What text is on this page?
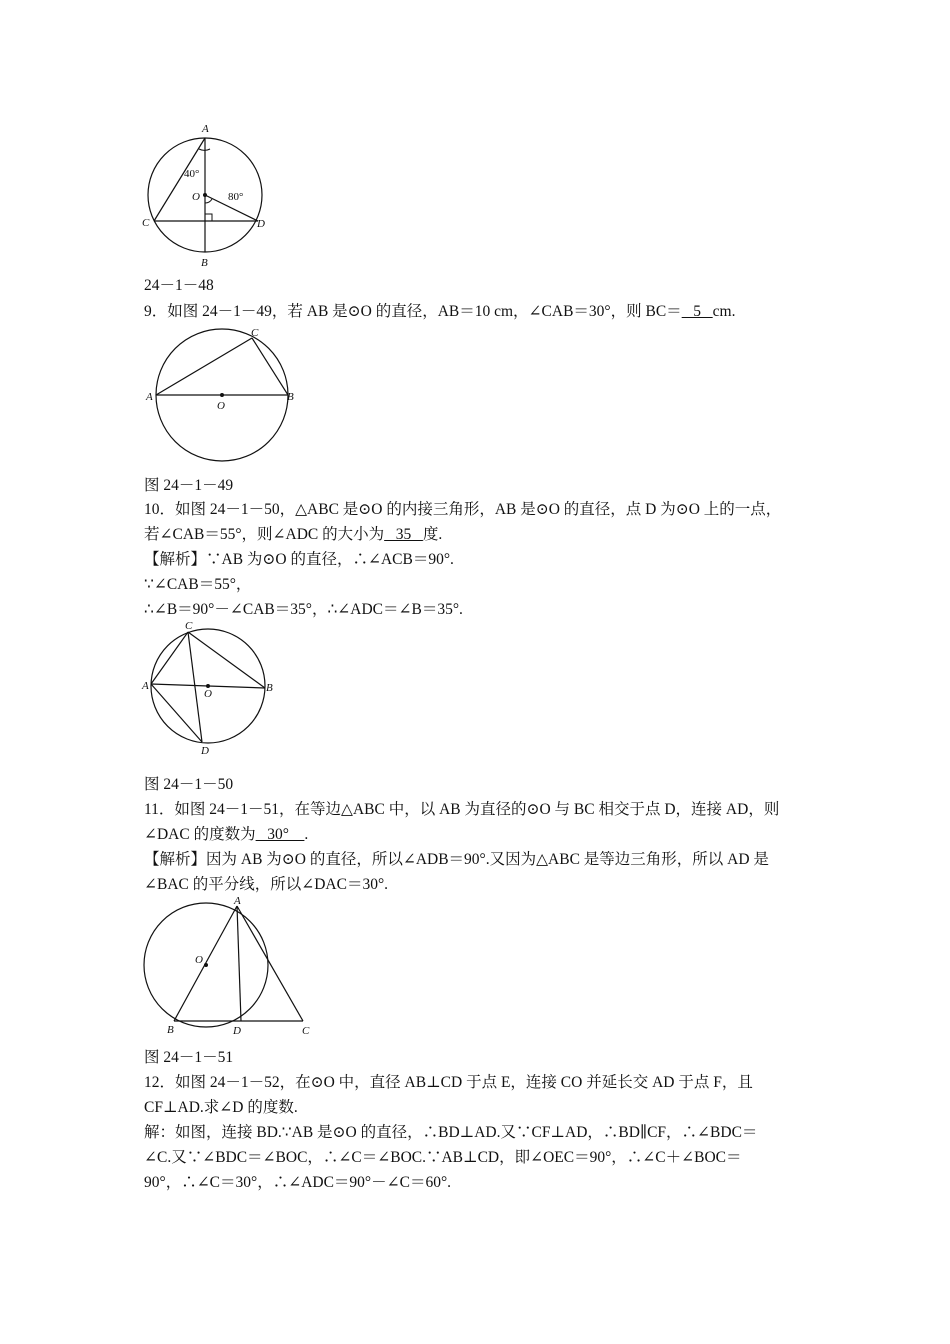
A
B
C	D
O
40°
80°
24－1－48
9．如图 24－1－49，若 AB 是⊙O 的直径，AB＝10 cm，∠CAB＝30°，则 BC＝   5   cm.
A	B
C
O
图 24－1－49
10．如图 24－1－50，△ABC 是⊙O 的内接三角形，AB 是⊙O 的直径，点 D 为⊙O 上的一点，
若∠CAB＝55°，则∠ADC 的大小为   35   度.
【解析】∵AB 为⊙O 的直径，∴∠ACB＝90°.
∵∠CAB＝55°，
∴∠B＝90°－∠CAB＝35°，∴∠ADC＝∠B＝35°.
A	B
C
D
O
图 24－1－50
11．如图 24－1－51，在等边△ABC 中，以 AB 为直径的⊙O 与 BC 相交于点 D，连接 AD，则
∠DAC 的度数为   30°    .
【解析】因为 AB 为⊙O 的直径，所以∠ADB＝90°.又因为△ABC 是等边三角形，所以 AD 是
∠BAC 的平分线，所以∠DAC＝30°.
A
B	C
D
O
图 24－1－51
12．如图 24－1－52，在⊙O 中，直径 AB⊥CD 于点 E，连接 CO 并延长交 AD 于点 F，且
CF⊥AD.求∠D 的度数.
解：如图，连接 BD.∵AB 是⊙O 的直径，∴BD⊥AD.又∵CF⊥AD，∴BD∥CF，∴∠BDC＝
∠C.又∵∠BDC＝∠BOC，∴∠C＝∠BOC.∵AB⊥CD，即∠OEC＝90°，∴∠C＋∠BOC＝
90°，∴∠C＝30°，∴∠ADC＝90°－∠C＝60°.
